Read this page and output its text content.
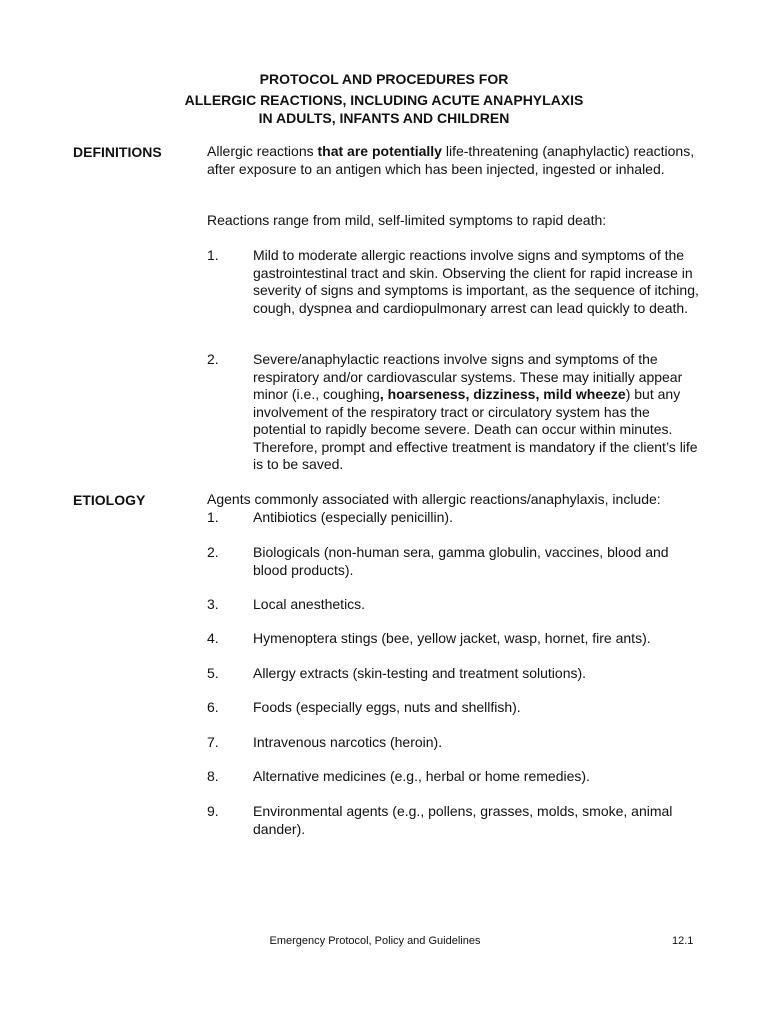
PROTOCOL AND PROCEDURES FOR
ALLERGIC REACTIONS, INCLUDING ACUTE ANAPHYLAXIS
IN ADULTS, INFANTS AND CHILDREN
DEFINITIONS	Allergic reactions that are potentially life-threatening (anaphylactic) reactions, after exposure to an antigen which has been injected, ingested or inhaled.
Reactions range from mild, self-limited symptoms to rapid death:
1.	Mild to moderate allergic reactions involve signs and symptoms of the gastrointestinal tract and skin. Observing the client for rapid increase in severity of signs and symptoms is important, as the sequence of itching, cough, dyspnea and cardiopulmonary arrest can lead quickly to death.
2.	Severe/anaphylactic reactions involve signs and symptoms of the respiratory and/or cardiovascular systems. These may initially appear minor (i.e., coughing, hoarseness, dizziness, mild wheeze) but any involvement of the respiratory tract or circulatory system has the potential to rapidly become severe. Death can occur within minutes. Therefore, prompt and effective treatment is mandatory if the client’s life is to be saved.
ETIOLOGY	Agents commonly associated with allergic reactions/anaphylaxis, include:
1.	Antibiotics (especially penicillin).
2.	Biologicals (non-human sera, gamma globulin, vaccines, blood and blood products).
3.	Local anesthetics.
4.	Hymenoptera stings (bee, yellow jacket, wasp, hornet, fire ants).
5.	Allergy extracts (skin-testing and treatment solutions).
6.	Foods (especially eggs, nuts and shellfish).
7.	Intravenous narcotics (heroin).
8.	Alternative medicines (e.g., herbal or home remedies).
9.	Environmental agents (e.g., pollens, grasses, molds, smoke, animal dander).
Emergency Protocol, Policy and Guidelines	12.1
